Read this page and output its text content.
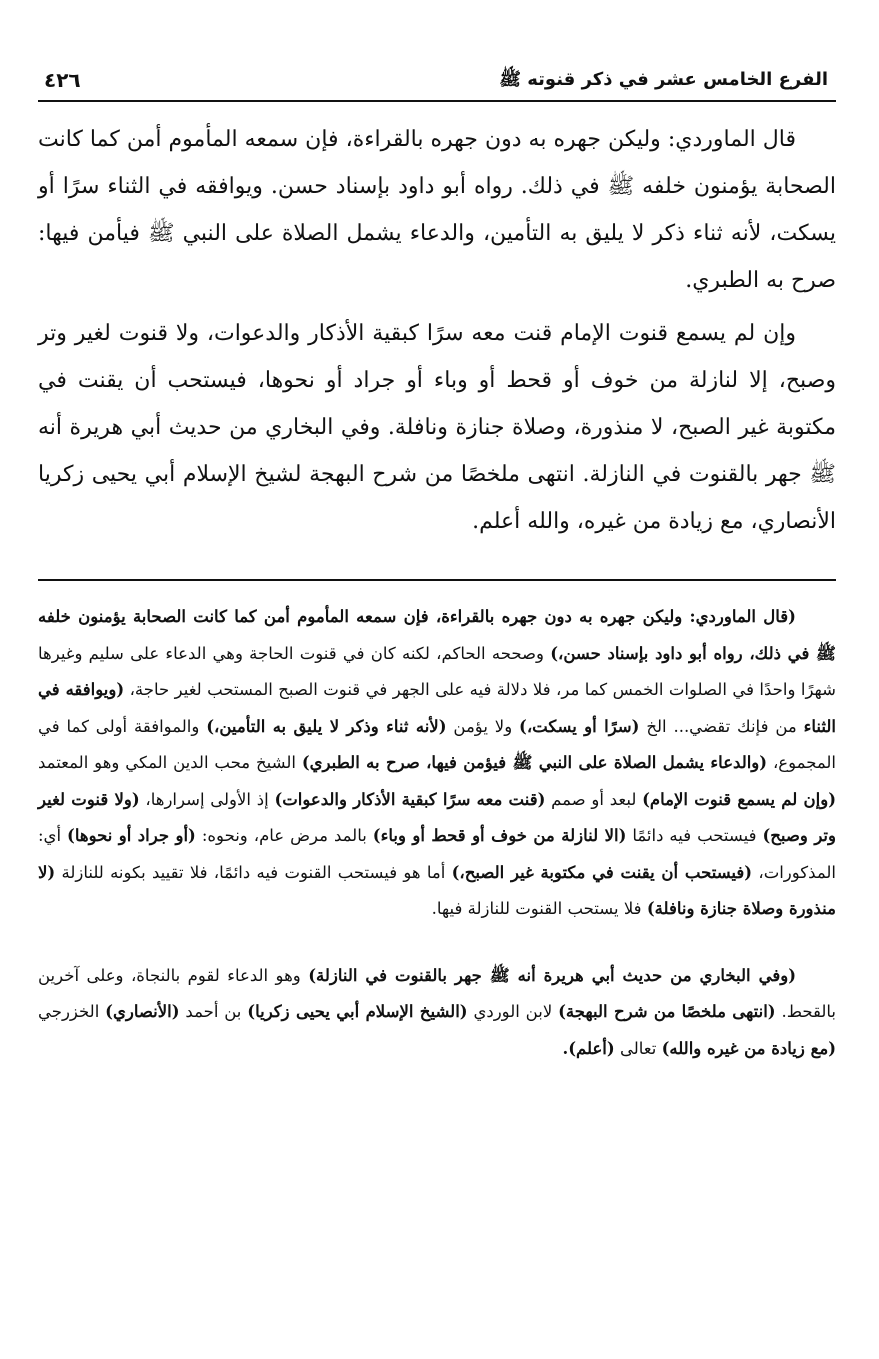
الفرع الخامس عشر في ذكر قنوته ﷺ
٤٢٦

قال الماوردي: وليكن جهره به دون جهره بالقراءة، فإن سمعه المأموم أمن كما كانت الصحابة يؤمنون خلفه ﷺ في ذلك. رواه أبو داود بإسناد حسن. ويوافقه في الثناء سرًا أو يسكت، لأنه ثناء ذكر لا يليق به التأمين، والدعاء يشمل الصلاة على النبي ﷺ فيأمن فيها: صرح به الطبري.

وإن لم يسمع قنوت الإمام قنت معه سرًا كبقية الأذكار والدعوات، ولا قنوت لغير وتر وصبح، إلا لنازلة من خوف أو قحط أو وباء أو جراد أو نحوها، فيستحب أن يقنت في مكتوبة غير الصبح، لا منذورة، وصلاة جنازة ونافلة. وفي البخاري من حديث أبي هريرة أنه ﷺ جهر بالقنوت في النازلة. انتهى ملخصًا من شرح البهجة لشيخ الإسلام أبي يحيى زكريا الأنصاري، مع زيادة من غيره، والله أعلم.

(قال الماوردي: وليكن جهره به دون جهره بالقراءة، فإن سمعه المأموم أمن كما كانت الصحابة يؤمنون خلفه ﷺ في ذلك، رواه أبو داود بإسناد حسن،) وصححه الحاكم، لكنه كان في قنوت الحاجة وهي الدعاء على سليم وغيرها شهرًا واحدًا في الصلوات الخمس كما مر، فلا دلالة فيه على الجهر في قنوت الصبح المستحب لغير حاجة، (ويوافقه في الثناء من فإنك تقضي... الخ (سرًا أو يسكت،) ولا يؤمن (لأنه ثناء وذكر لا يليق به التأمين،) والموافقة أولى كما في المجموع، (والدعاء يشمل الصلاة على النبي ﷺ فيؤمن فيها، صرح به الطبري) الشيخ محب الدين المكي وهو المعتمد (وإن لم يسمع قنوت الإمام) لبعد أو صمم (قنت معه سرًا كبقية الأذكار والدعوات) إذ الأولى إسرارها، (ولا قنوت لغير وتر وصبح) فيستحب فيه دائمًا (الا لنازلة من خوف أو قحط أو وباء) بالمد مرض عام، ونحوه: (أو جراد أو نحوها) أي: المذكورات، (فيستحب أن يقنت في مكتوبة غير الصبح،) أما هو فيستحب القنوت فيه دائمًا، فلا تقييد بكونه للنازلة (لا منذورة وصلاة جنازة ونافلة) فلا يستحب القنوت للنازلة فيها.

(وفي البخاري من حديث أبي هريرة أنه ﷺ جهر بالقنوت في النازلة) وهو الدعاء لقوم بالنجاة، وعلى آخرين بالقحط. (انتهى ملخصًا من شرح البهجة) لابن الوردي (الشيخ الإسلام أبي يحيى زكريا) بن أحمد (الأنصاري) الخزرجي (مع زيادة من غيره والله) تعالى (أعلم).
